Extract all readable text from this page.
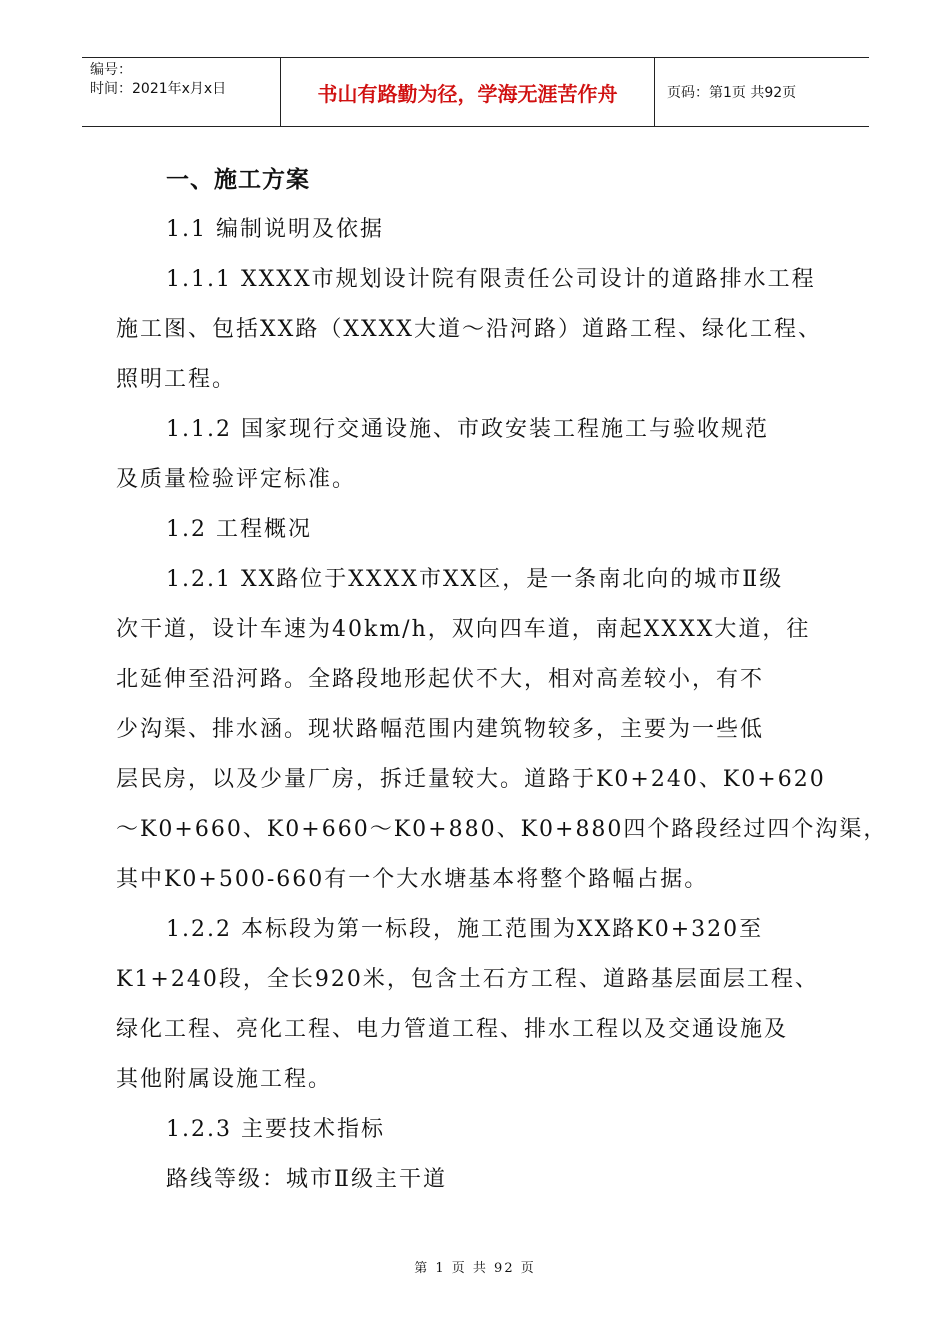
编号：
时间：2021年x月x日	书山有路勤为径，学海无涯苦作舟	页码：第1页 共92页
一、施工方案
1.1 编制说明及依据
1.1.1 XXXX市规划设计院有限责任公司设计的道路排水工程
施工图、包括XX路（XXXX大道～沿河路）道路工程、绿化工程、
照明工程。
1.1.2 国家现行交通设施、市政安装工程施工与验收规范
及质量检验评定标准。
1.2 工程概况
1.2.1 XX路位于XXXX市XX区，是一条南北向的城市Ⅱ级
次干道，设计车速为40km/h，双向四车道，南起XXXX大道，往
北延伸至沿河路。全路段地形起伏不大，相对高差较小，有不
少沟渠、排水涵。现状路幅范围内建筑物较多，主要为一些低
层民房，以及少量厂房，拆迁量较大。道路于K0+240、K0+620
～K0+660、K0+660～K0+880、K0+880四个路段经过四个沟渠，
其中K0+500-660有一个大水塘基本将整个路幅占据。
1.2.2 本标段为第一标段，施工范围为XX路K0+320至
K1+240段，全长920米，包含土石方工程、道路基层面层工程、
绿化工程、亮化工程、电力管道工程、排水工程以及交通设施及
其他附属设施工程。
1.2.3 主要技术指标
路线等级：城市Ⅱ级主干道
第 1 页 共 92 页
